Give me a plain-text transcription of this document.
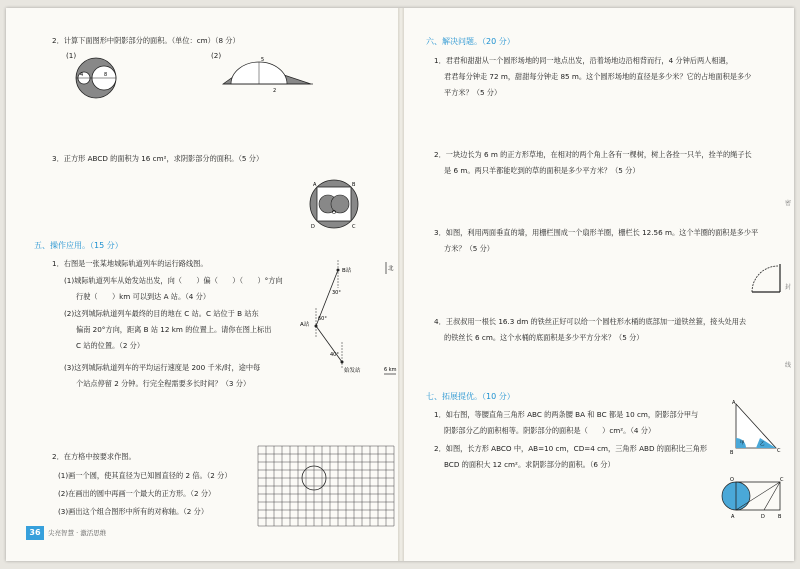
2．计算下面图形中阴影部分的面积。（单位：cm）（8 分）
(1)	(2)
4	8
5
2
3．正方形 ABCD 的面积为 16 cm²，求阴影部分的面积。（5 分）
A	B
C
D
O
五、操作应用。（15 分）
1．右图是一张某地城际轨道列车的运行路线图。
(1)城际轨道列车从始发站出发，向（　　）偏（　　）（　　）°方向
行驶（　　）km 可以到达 A 站。（4 分）
(2)这列城际轨道列车最终的目的地在 C 站。C 站位于 B 站东
偏南 20°方向，距离 B 站 12 km 的位置上。请你在图上标出
C 站的位置。（2 分）
(3)这列城际轨道列车的平均运行速度是 200 千米/时，途中每
个站点停留 2 分钟。行完全程需要多长时间？（3 分）
B站
A站
始发站
30°
60°
40°
北
6 km
2．在方格中按要求作图。
(1)画一个圆，使其直径为已知圆直径的 2 倍。（2 分）
(2)在画出的圆中再画一个最大的正方形。（2 分）
(3)画出这个组合图形中所有的对称轴。（2 分）
36	尖亮智慧 · 激活思维
六、解决问题。（20 分）
1．君君和甜甜从一个圆形场地的同一地点出发，沿着场地边沿相背而行，4 分钟后两人相遇，
君君每分钟走 72 m，甜甜每分钟走 85 m。这个圆形场地的直径是多少米？它的占地面积是多少
平方米？（5 分）
2．一块边长为 6 m 的正方形草地，在相对的两个角上各有一棵树，树上各拴一只羊，拴羊的绳子长
是 6 m。两只羊都能吃到的草的面积是多少平方米？（5 分）
3．如图，利用两面垂直的墙，用栅栏围成一个扇形羊圈，栅栏长 12.56 m。这个羊圈的面积是多少平
方米？（5 分）
4．王叔叔用一根长 16.3 dm 的铁丝正好可以给一个圆柱形水桶的底部加一道铁丝箍，接头处用去
的铁丝长 6 cm。这个水桶的底面积是多少平方分米？（5 分）
七、拓展提优。（10 分）
1．如右图，等腰直角三角形 ABC 的两条腰 BA 和 BC 都是 10 cm，阴影部分甲与
阴影部分乙的面积相等。阴影部分的面积是（　　）cm²。（4 分）
2．如图，长方形 ABCO 中，AB=10 cm，CD=4 cm，三角形 ABD 的面积比三角形
BCD 的面积大 12 cm²。求阴影部分的面积。（6 分）
A
B	C
甲	乙
O	C
A	B
D
密
封
线
